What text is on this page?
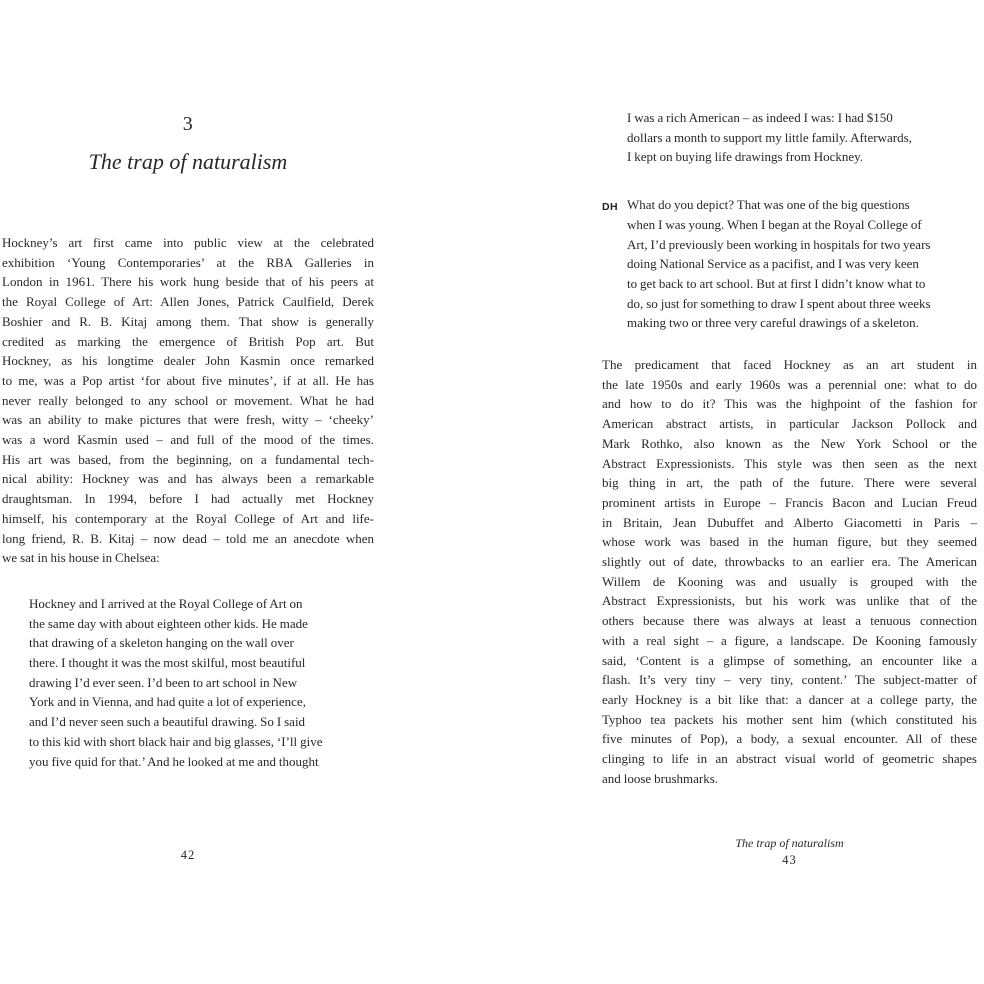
3
The trap of naturalism
Hockney’s art first came into public view at the celebrated
exhibition ‘Young Contemporaries’ at the RBA Galleries in
London in 1961. There his work hung beside that of his peers at
the Royal College of Art: Allen Jones, Patrick Caulfield, Derek
Boshier and R. B. Kitaj among them. That show is generally
credited as marking the emergence of British Pop art. But
Hockney, as his longtime dealer John Kasmin once remarked
to me, was a Pop artist ‘for about five minutes’, if at all. He has
never really belonged to any school or movement. What he had
was an ability to make pictures that were fresh, witty – ‘cheeky’
was a word Kasmin used – and full of the mood of the times.
His art was based, from the beginning, on a fundamental tech-
nical ability: Hockney was and has always been a remarkable
draughtsman. In 1994, before I had actually met Hockney
himself, his contemporary at the Royal College of Art and life-
long friend, R. B. Kitaj – now dead – told me an anecdote when
we sat in his house in Chelsea:
Hockney and I arrived at the Royal College of Art on
the same day with about eighteen other kids. He made
that drawing of a skeleton hanging on the wall over
there. I thought it was the most skilful, most beautiful
drawing I’d ever seen. I’d been to art school in New
York and in Vienna, and had quite a lot of experience,
and I’d never seen such a beautiful drawing. So I said
to this kid with short black hair and big glasses, ‘I’ll give
you five quid for that.’ And he looked at me and thought
I was a rich American – as indeed I was: I had $150
dollars a month to support my little family. Afterwards,
I kept on buying life drawings from Hockney.
DH What do you depict? That was one of the big questions
when I was young. When I began at the Royal College of
Art, I’d previously been working in hospitals for two years
doing National Service as a pacifist, and I was very keen
to get back to art school. But at first I didn’t know what to
do, so just for something to draw I spent about three weeks
making two or three very careful drawings of a skeleton.
The predicament that faced Hockney as an art student in
the late 1950s and early 1960s was a perennial one: what to do
and how to do it? This was the highpoint of the fashion for
American abstract artists, in particular Jackson Pollock and
Mark Rothko, also known as the New York School or the
Abstract Expressionists. This style was then seen as the next
big thing in art, the path of the future. There were several
prominent artists in Europe – Francis Bacon and Lucian Freud
in Britain, Jean Dubuffet and Alberto Giacometti in Paris –
whose work was based in the human figure, but they seemed
slightly out of date, throwbacks to an earlier era. The American
Willem de Kooning was and usually is grouped with the
Abstract Expressionists, but his work was unlike that of the
others because there was always at least a tenuous connection
with a real sight – a figure, a landscape. De Kooning famously
said, ‘Content is a glimpse of something, an encounter like a
flash. It’s very tiny – very tiny, content.’ The subject-matter of
early Hockney is a bit like that: a dancer at a college party, the
Typhoo tea packets his mother sent him (which constituted his
five minutes of Pop), a body, a sexual encounter. All of these
clinging to life in an abstract visual world of geometric shapes
and loose brushmarks.
42
The trap of naturalism
43
